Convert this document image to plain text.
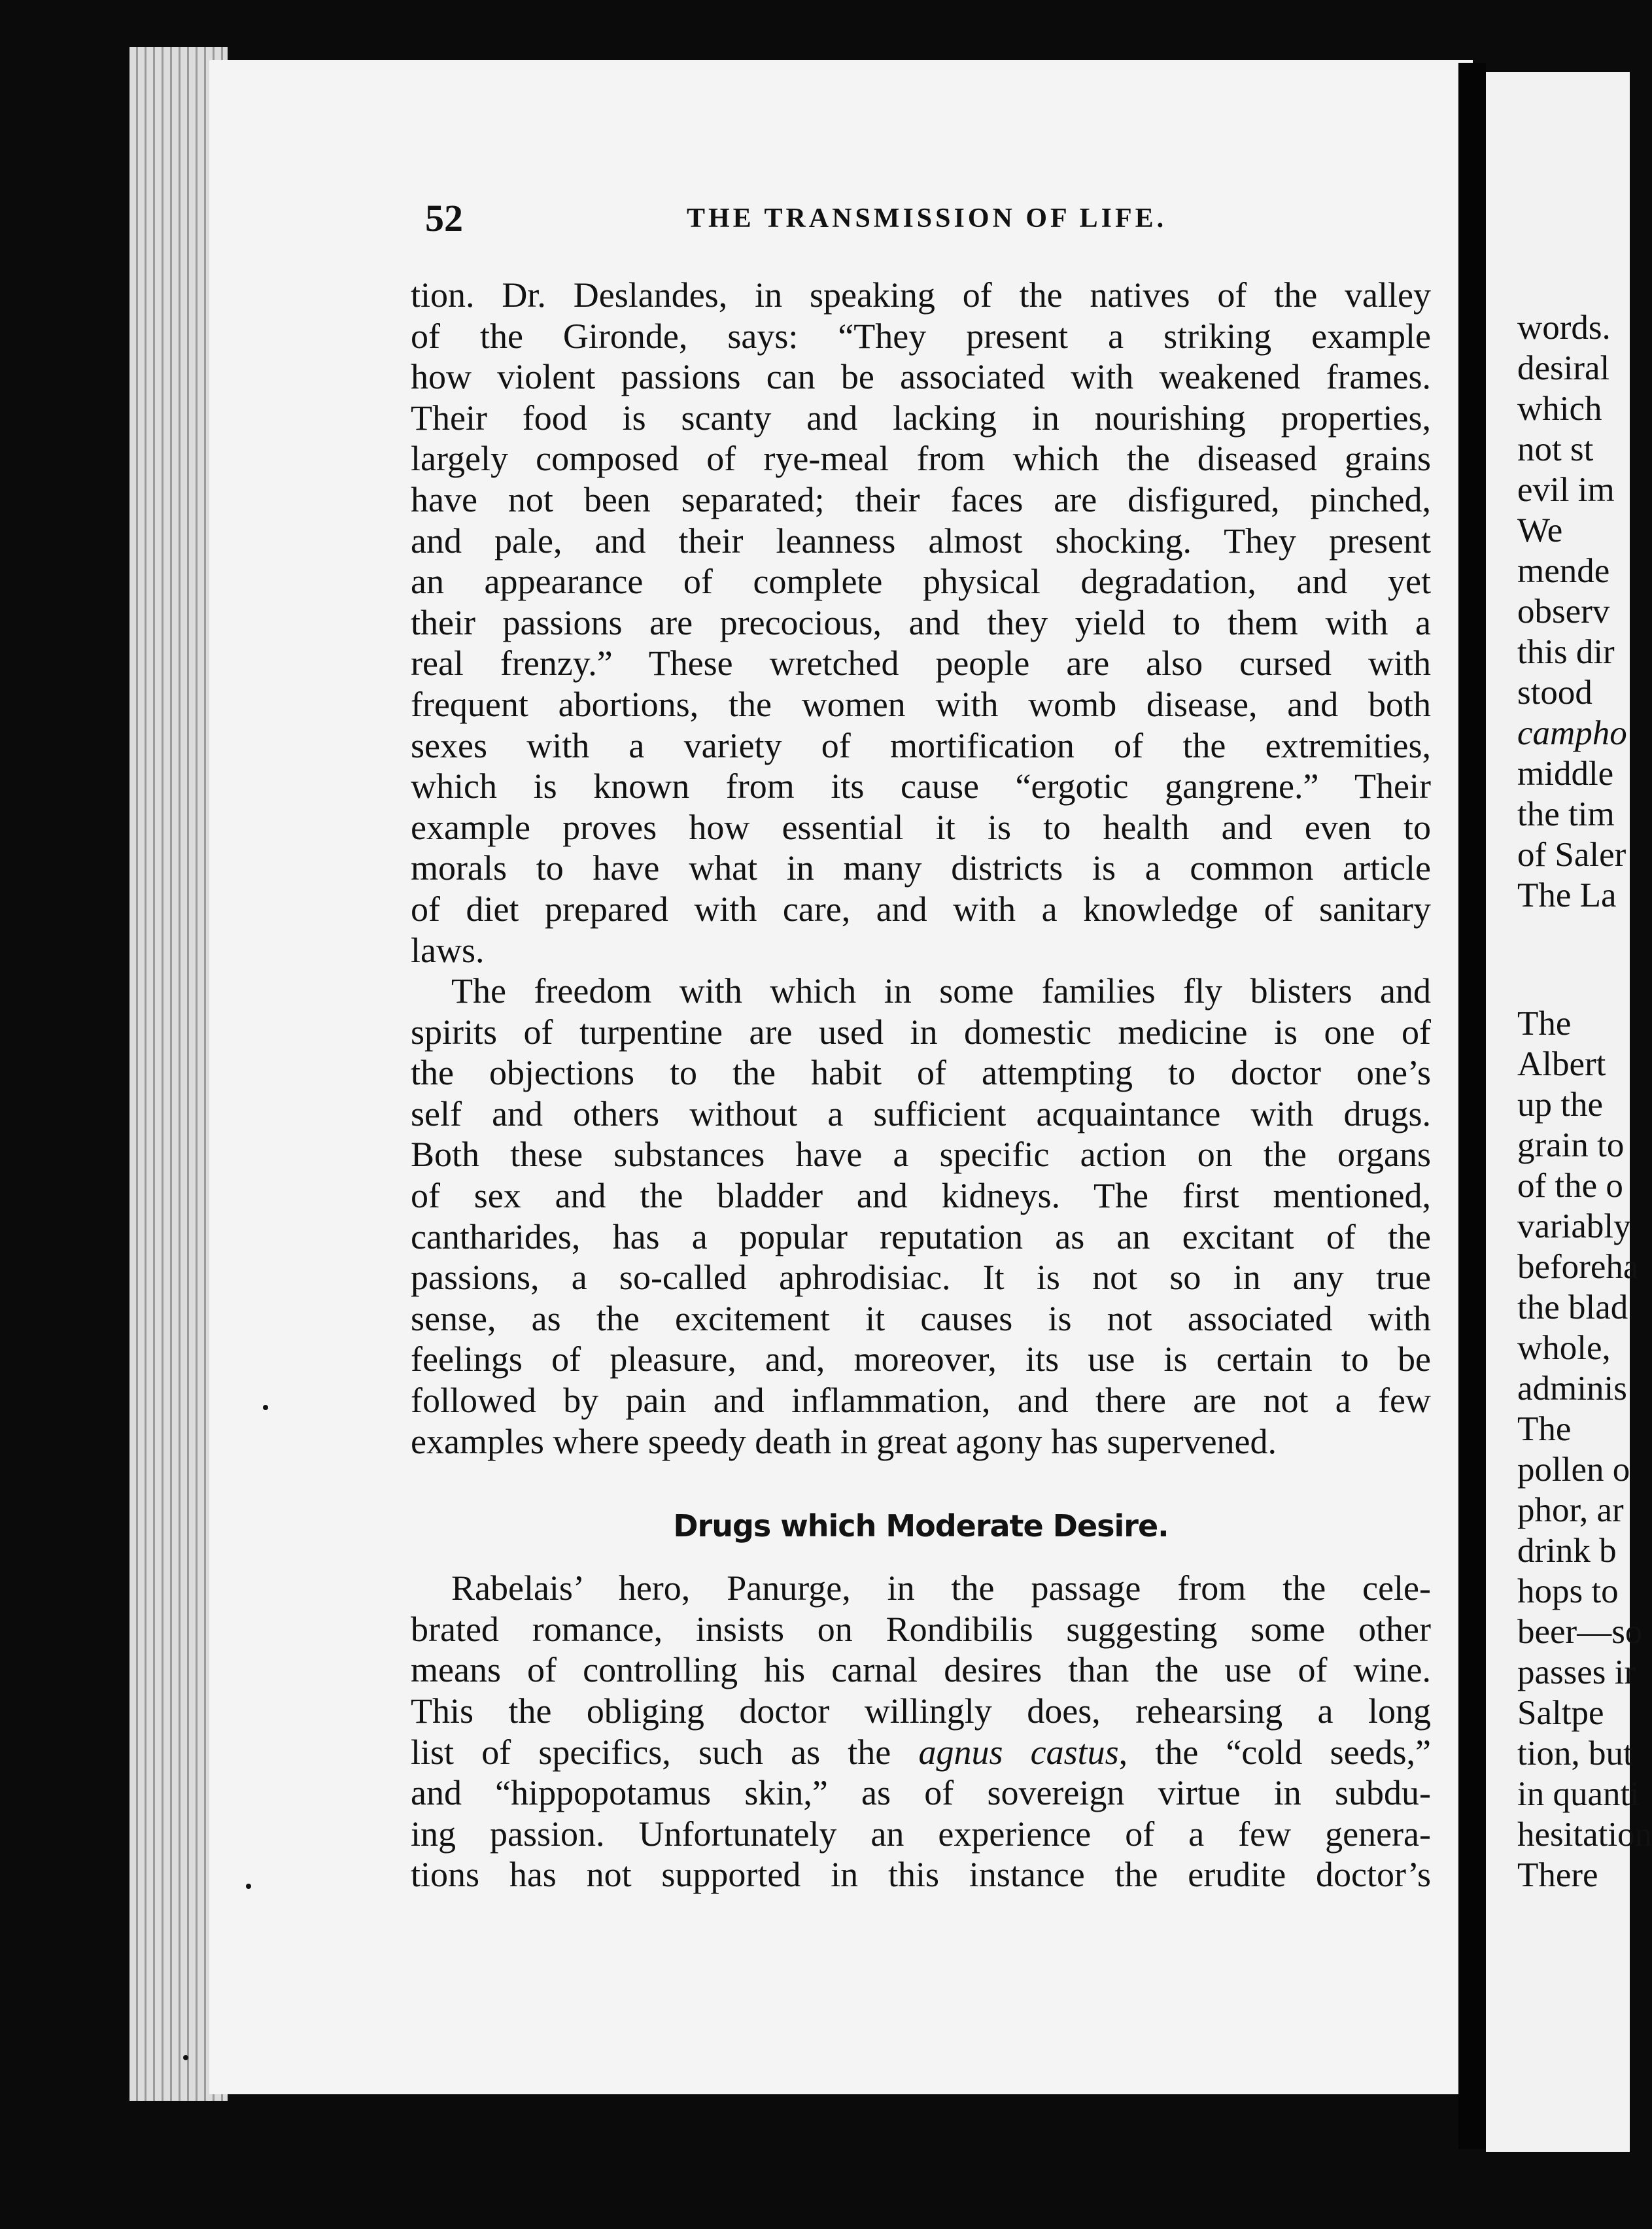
words.
desiral
which
not st
evil im
We
mende
observ
this dir
stood
campho
middle
the tim
of Saler
The La
The
Albert
up the
grain to
of the o
variably
beforeha
the blad
whole,
adminis
The
pollen o
phor, ar
drink b
hops to
beer—so
passes ir
Saltpe
tion, but
in quanti
hesitation
There
52	THE TRANSMISSION OF LIFE.
tion. Dr. Deslandes, in speaking of the natives of the valley
of the Gironde, says: “They present a striking example
how violent passions can be associated with weakened frames.
Their food is scanty and lacking in nourishing properties,
largely composed of rye-meal from which the diseased grains
have not been separated; their faces are disfigured, pinched,
and pale, and their leanness almost shocking. They present
an appearance of complete physical degradation, and yet
their passions are precocious, and they yield to them with a
real frenzy.” These wretched people are also cursed with
frequent abortions, the women with womb disease, and both
sexes with a variety of mortification of the extremities,
which is known from its cause “ergotic gangrene.” Their
example proves how essential it is to health and even to
morals to have what in many districts is a common article
of diet prepared with care, and with a knowledge of sanitary
laws.
The freedom with which in some families fly blisters and
spirits of turpentine are used in domestic medicine is one of
the objections to the habit of attempting to doctor one’s
self and others without a sufficient acquaintance with drugs.
Both these substances have a specific action on the organs
of sex and the bladder and kidneys. The first mentioned,
cantharides, has a popular reputation as an excitant of the
passions, a so-called aphrodisiac. It is not so in any true
sense, as the excitement it causes is not associated with
feelings of pleasure, and, moreover, its use is certain to be
followed by pain and inflammation, and there are not a few
examples where speedy death in great agony has supervened.
Drugs which Moderate Desire.
Rabelais’ hero, Panurge, in the passage from the cele-
brated romance, insists on Rondibilis suggesting some other
means of controlling his carnal desires than the use of wine.
This the obliging doctor willingly does, rehearsing a long
list of specifics, such as the agnus castus, the “cold seeds,”
and “hippopotamus skin,” as of sovereign virtue in subdu-
ing passion. Unfortunately an experience of a few genera-
tions has not supported in this instance the erudite doctor’s
